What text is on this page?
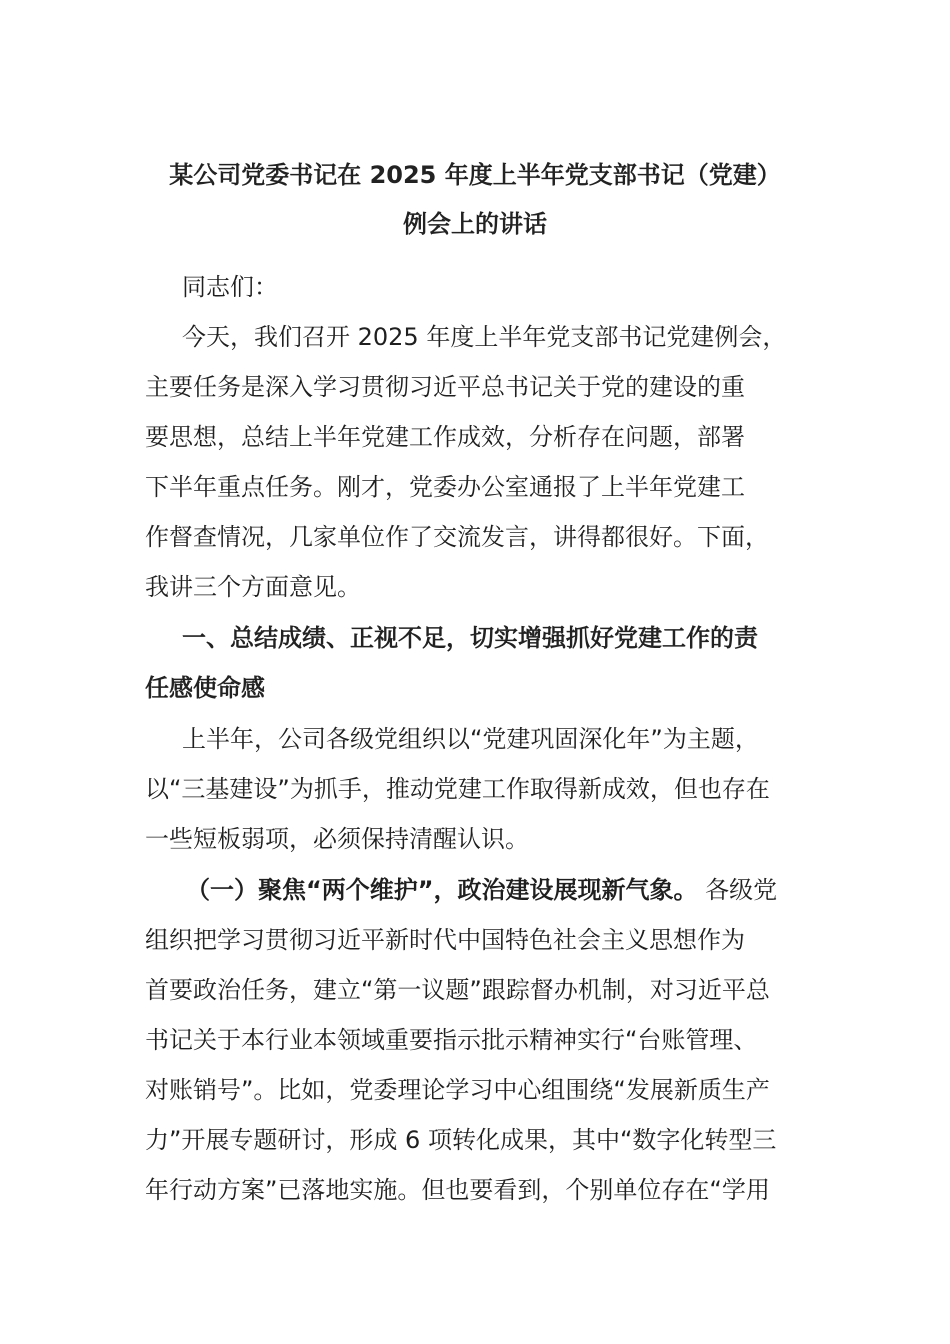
某公司党委书记在 2025 年度上半年党支部书记（党建）
例会上的讲话
同志们：
今天，我们召开 2025 年度上半年党支部书记党建例会，
主要任务是深入学习贯彻习近平总书记关于党的建设的重
要思想，总结上半年党建工作成效，分析存在问题，部署
下半年重点任务。刚才，党委办公室通报了上半年党建工
作督查情况，几家单位作了交流发言，讲得都很好。下面，
我讲三个方面意见。
一、总结成绩、正视不足，切实增强抓好党建工作的责
任感使命感
上半年，公司各级党组织以“党建巩固深化年”为主题，
以“三基建设”为抓手，推动党建工作取得新成效，但也存在
一些短板弱项，必须保持清醒认识。
（一）聚焦“两个维护”，政治建设展现新气象。 各级党
组织把学习贯彻习近平新时代中国特色社会主义思想作为
首要政治任务，建立“第一议题”跟踪督办机制，对习近平总
书记关于本行业本领域重要指示批示精神实行“台账管理、
对账销号”。比如，党委理论学习中心组围绕“发展新质生产
力”开展专题研讨，形成 6 项转化成果，其中“数字化转型三
年行动方案”已落地实施。但也要看到，个别单位存在“学用
